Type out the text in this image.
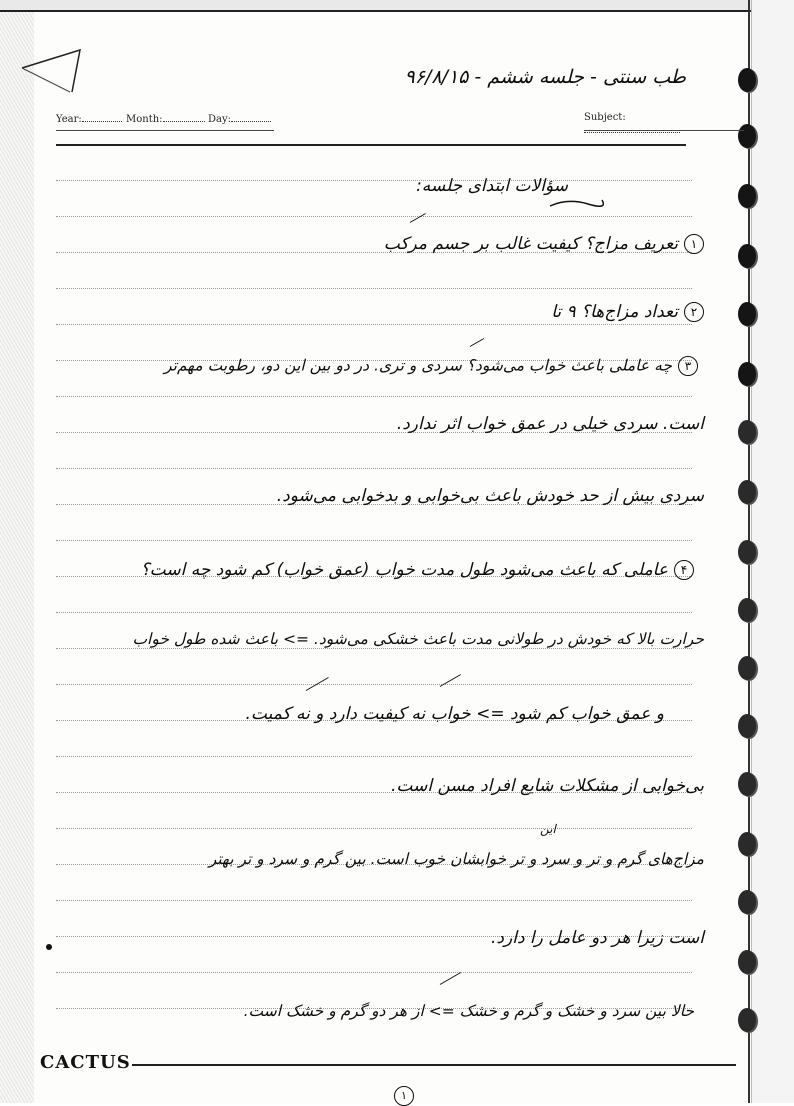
طب سنتی - جلسه ششم - ۹۶/۸/۱۵
Year:	Month:	Day:	Subject:
سؤالات ابتدای جلسه:
۱تعریف مزاج؟ کیفیت غالب بر جسم مرکب
۲تعداد مزاج‌ها؟ ۹ تا
۳چه عاملی باعث خواب می‌شود؟ سردی و تری. در دو بین این دو، رطوبت مهم‌تر
است. سردی خیلی در عمق خواب اثر ندارد.
سردی بیش از حد خودش باعث بی‌خوابی و بدخوابی می‌شود.
۴عاملی که باعث می‌شود طول مدت خواب (عمق خواب) کم شود چه است؟
حرارت بالا که خودش در طولانی مدت باعث خشکی می‌شود. => باعث شده طول خواب
و عمق خواب کم شود => خواب نه کیفیت دارد و نه کمیت.
بی‌خوابی از مشکلات شایع افراد مسن است.
این
مزاج‌های گرم و تر و سرد و تر خوابشان خوب است. بین گرم و سرد و تر بهتر
است زیرا هر دو عامل را دارد.
حالا بین سرد و خشک و گرم و خشک => از هر دو گرم و خشک است.
CACTUS
۱
